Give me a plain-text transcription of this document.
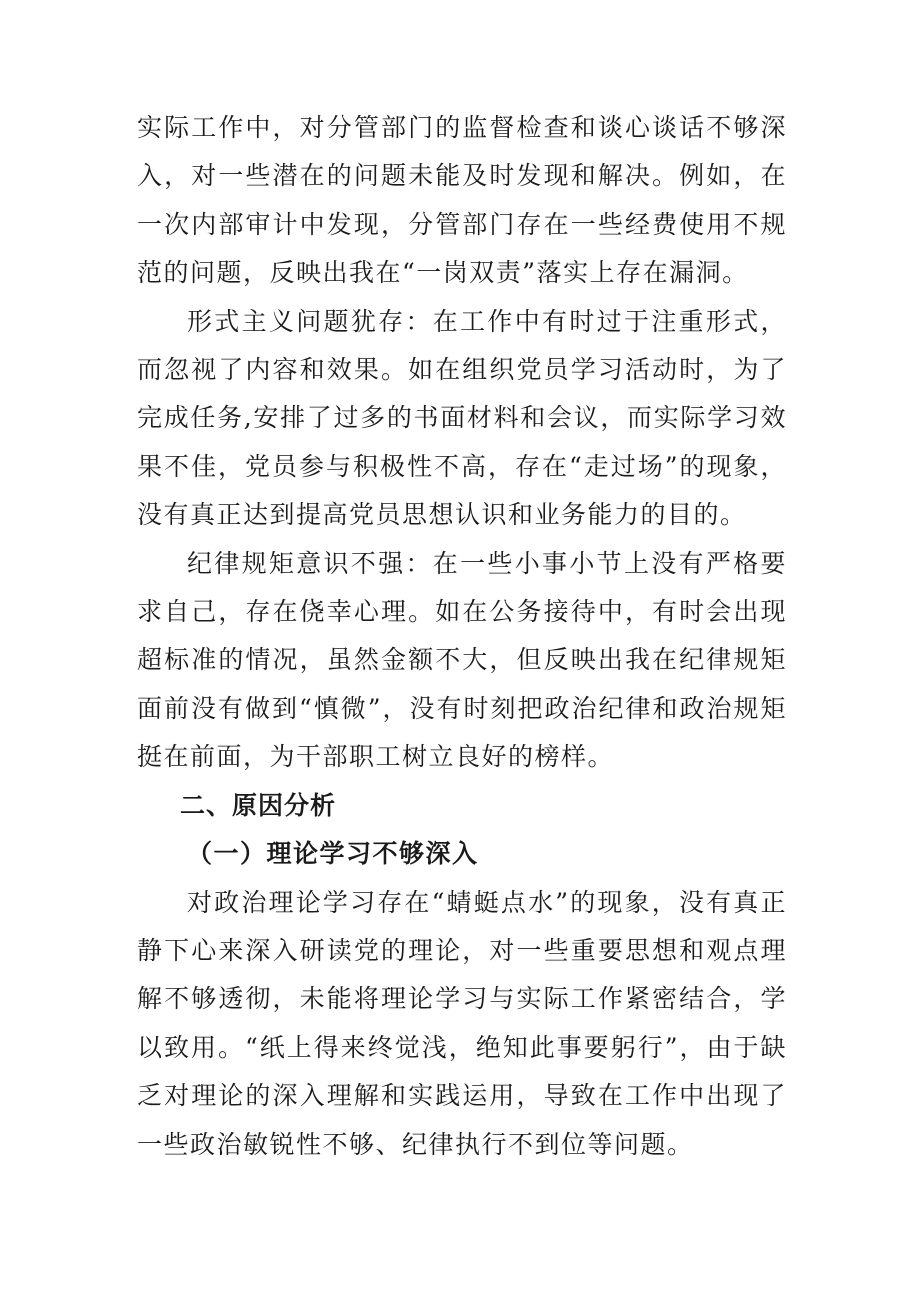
实际工作中，对分管部门的监督检查和谈心谈话不够深入，对一些潜在的问题未能及时发现和解决。例如，在一次内部审计中发现，分管部门存在一些经费使用不规范的问题，反映出我在“一岗双责”落实上存在漏洞。

形式主义问题犹存：在工作中有时过于注重形式，而忽视了内容和效果。如在组织党员学习活动时，为了完成任务,安排了过多的书面材料和会议，而实际学习效果不佳，党员参与积极性不高，存在“走过场”的现象，没有真正达到提高党员思想认识和业务能力的目的。

纪律规矩意识不强：在一些小事小节上没有严格要求自己，存在侥幸心理。如在公务接待中，有时会出现超标准的情况，虽然金额不大，但反映出我在纪律规矩面前没有做到“慎微”，没有时刻把政治纪律和政治规矩挺在前面，为干部职工树立良好的榜样。

二、原因分析
（一）理论学习不够深入

对政治理论学习存在“蜻蜓点水”的现象，没有真正静下心来深入研读党的理论，对一些重要思想和观点理解不够透彻，未能将理论学习与实际工作紧密结合，学以致用。“纸上得来终觉浅，绝知此事要躬行”，由于缺乏对理论的深入理解和实践运用，导致在工作中出现了一些政治敏锐性不够、纪律执行不到位等问题。
